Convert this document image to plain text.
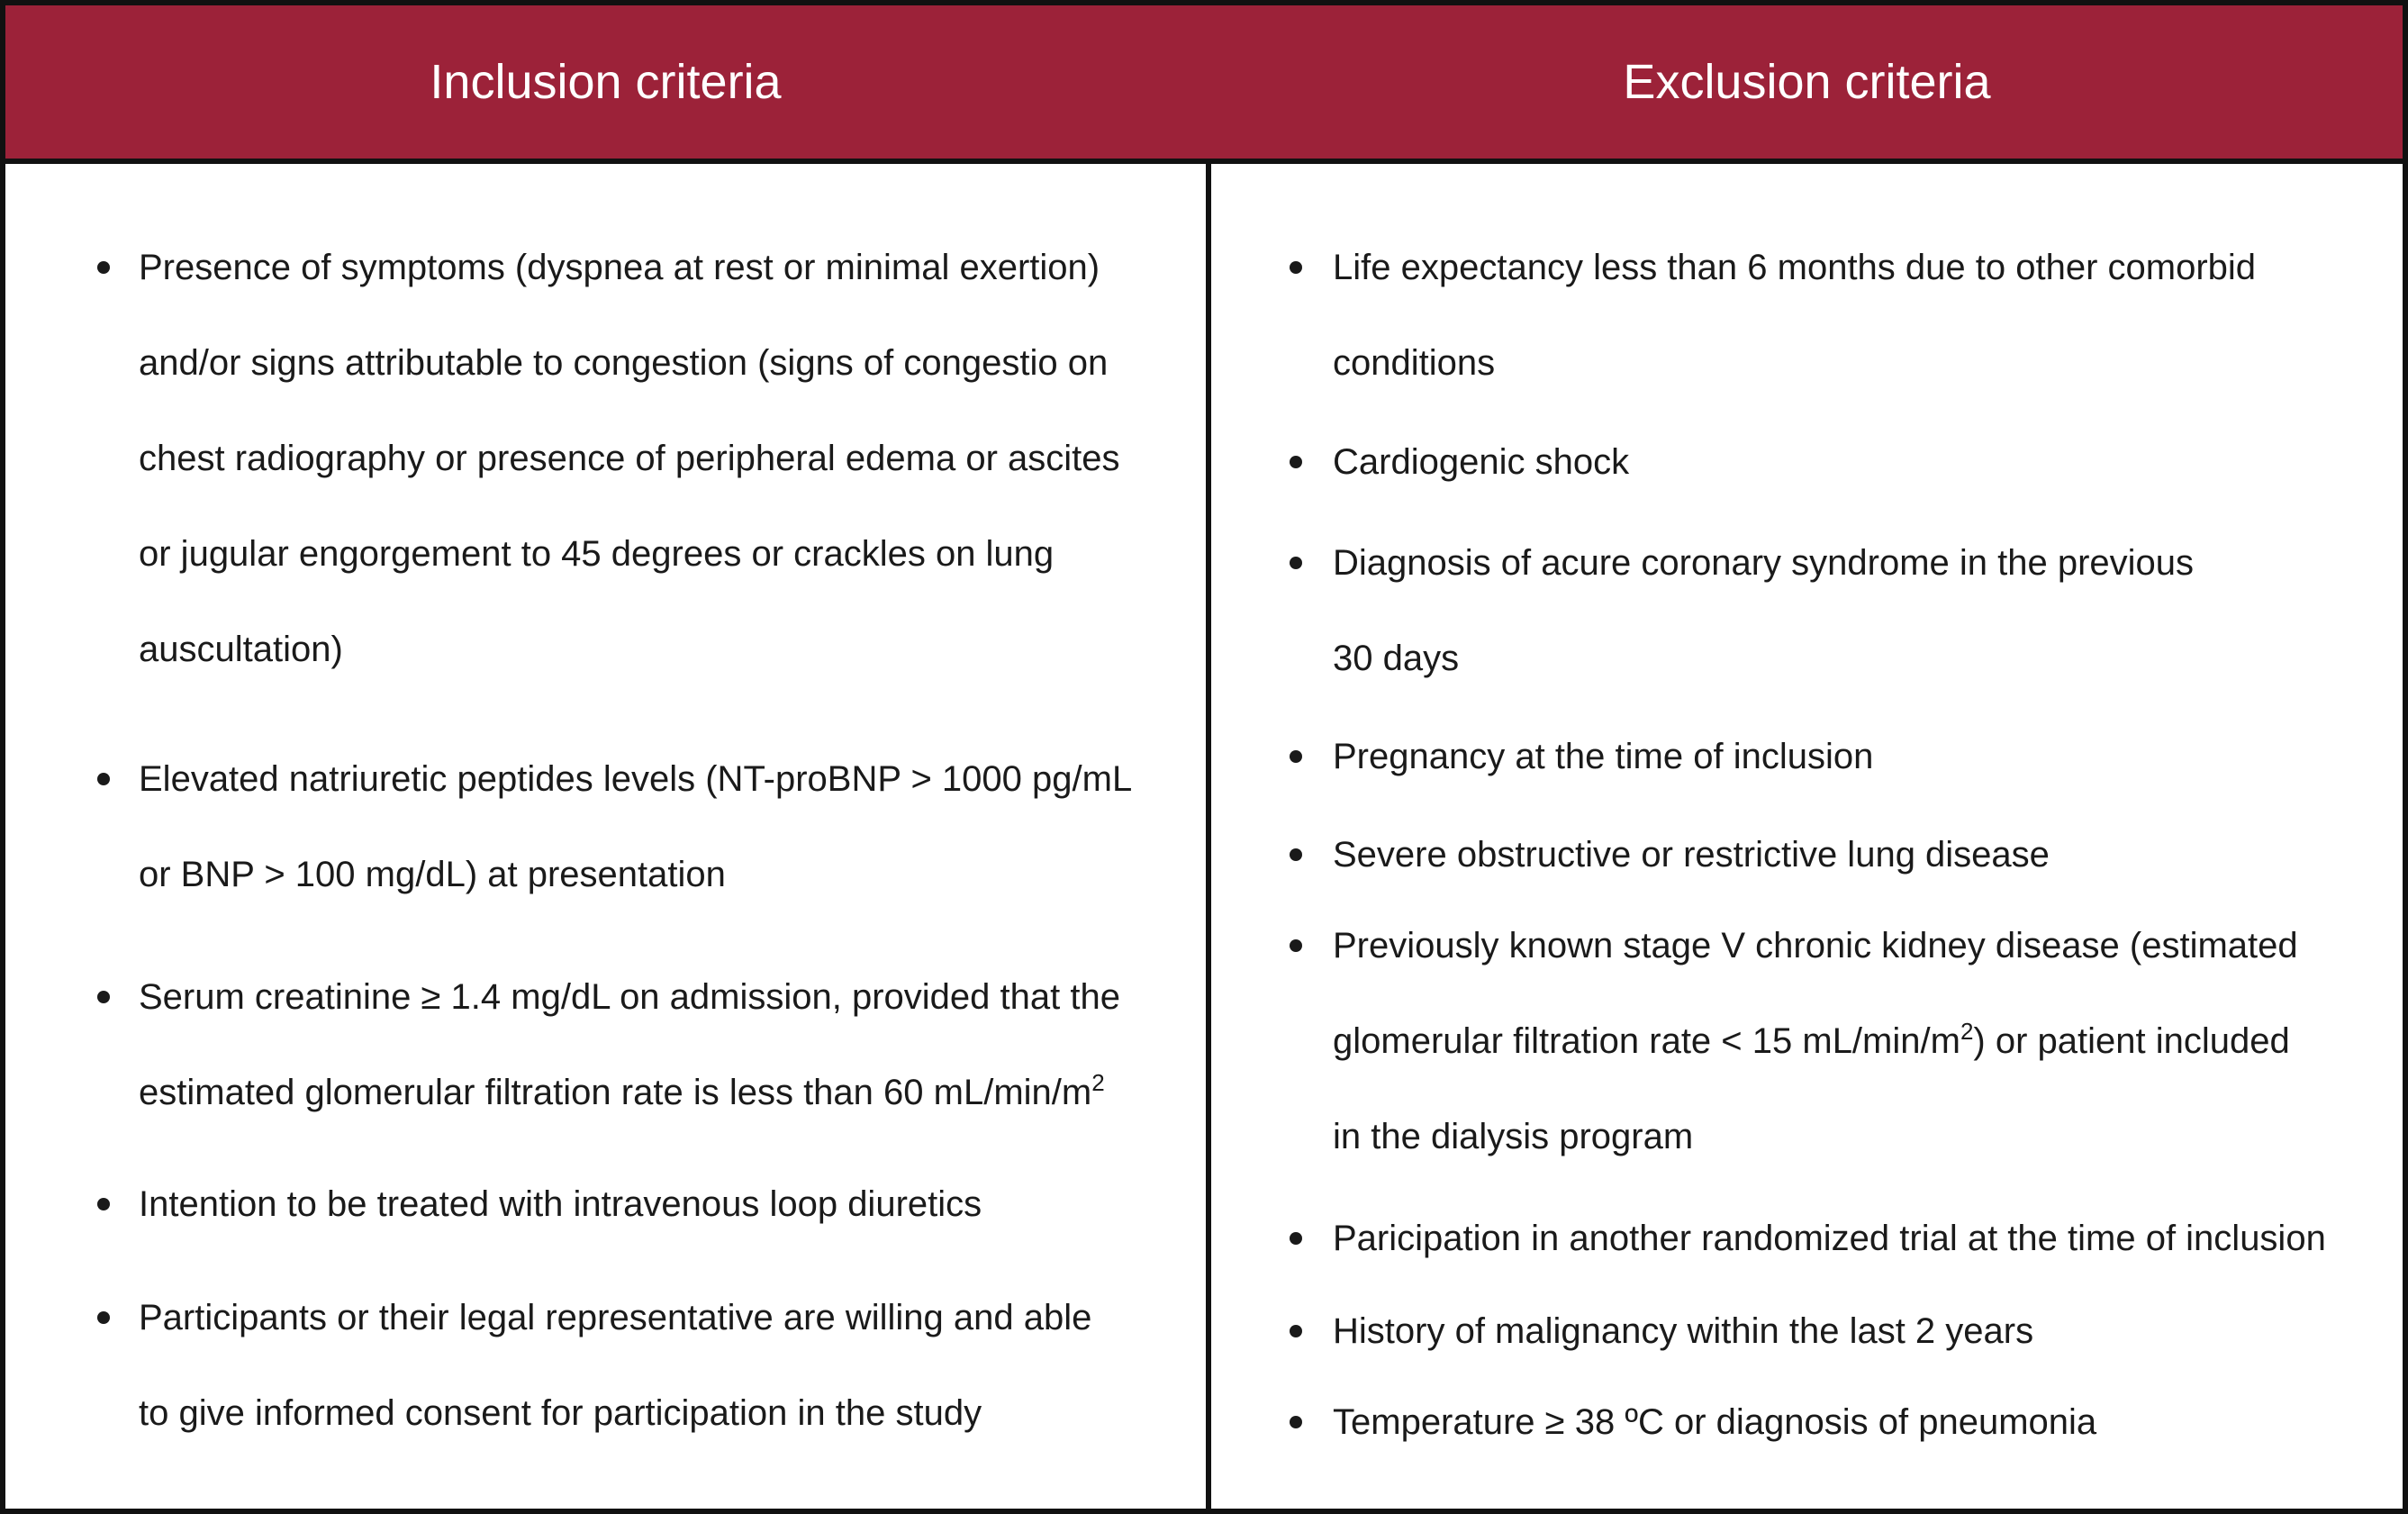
Inclusion criteria	Exclusion criteria
Presence of symptoms (dyspnea at rest or minimal exertion)
and/or signs attributable to congestion (signs of congestio on
chest radiography or presence of peripheral edema or ascites
or jugular engorgement to 45 degrees or crackles on lung
auscultation)
Elevated natriuretic peptides levels (NT-proBNP > 1000 pg/mL
or BNP > 100 mg/dL) at presentation
Serum creatinine ≥ 1.4 mg/dL on admission, provided that the
estimated glomerular filtration rate is less than 60 $mL/\min/m^2$
Intention to be treated with intravenous loop diuretics
Participants or their legal representative are willing and able
to give informed consent for participation in the study
Life expectancy less than 6 months due to other comorbid
conditions
Cardiogenic shock
Diagnosis of acure coronary syndrome in the previous
30 days
Pregnancy at the time of inclusion
Severe obstructive or restrictive lung disease
Previously known stage V chronic kidney disease (estimated
glomerular filtration rate < 15 $mL/\min/m^2$) or patient included
in the dialysis program
Paricipation in another randomized trial at the time of inclusion
History of malignancy within the last 2 years
Temperature ≥ 38 ºC or diagnosis of pneumonia
